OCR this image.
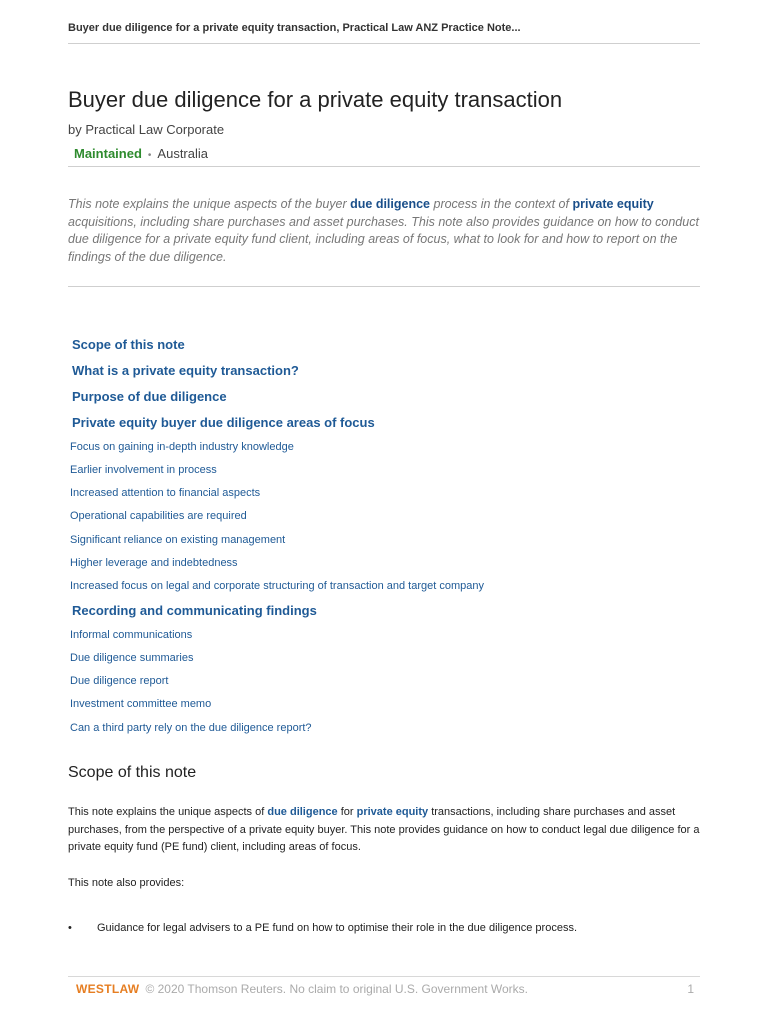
Buyer due diligence for a private equity transaction, Practical Law ANZ Practice Note...
Buyer due diligence for a private equity transaction
by Practical Law Corporate
Maintained • Australia

This note explains the unique aspects of the buyer due diligence process in the context of private equity acquisitions, including share purchases and asset purchases. This note also provides guidance on how to conduct due diligence for a private equity fund client, including areas of focus, what to look for and how to report on the findings of the due diligence.

Scope of this note
What is a private equity transaction?
Purpose of due diligence
Private equity buyer due diligence areas of focus
Focus on gaining in-depth industry knowledge
Earlier involvement in process
Increased attention to financial aspects
Operational capabilities are required
Significant reliance on existing management
Higher leverage and indebtedness
Increased focus on legal and corporate structuring of transaction and target company
Recording and communicating findings
Informal communications
Due diligence summaries
Due diligence report
Investment committee memo
Can a third party rely on the due diligence report?
Scope of this note

This note explains the unique aspects of due diligence for private equity transactions, including share purchases and asset purchases, from the perspective of a private equity buyer. This note provides guidance on how to conduct legal due diligence for a private equity fund (PE fund) client, including areas of focus.

This note also provides:

• Guidance for legal advisers to a PE fund on how to optimise their role in the due diligence process.
WESTLAW © 2020 Thomson Reuters. No claim to original U.S. Government Works.	1
